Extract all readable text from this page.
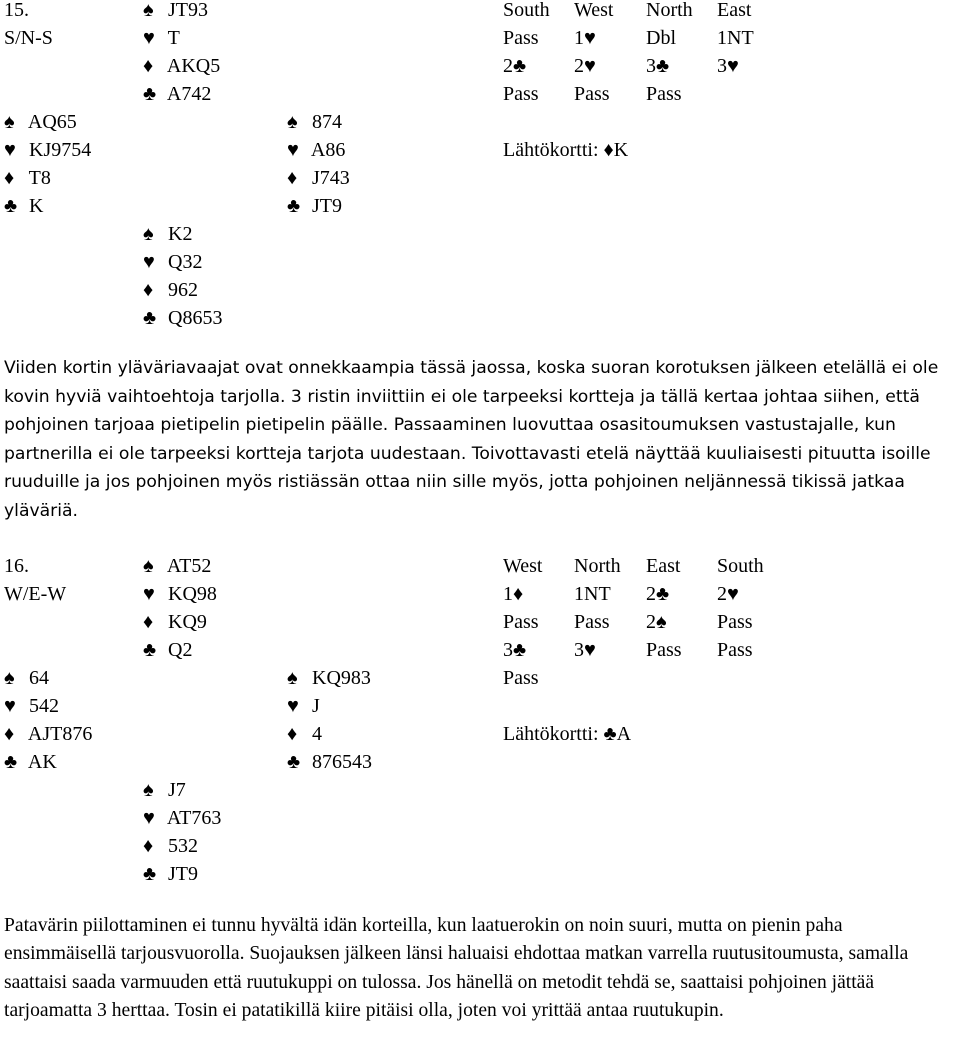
15.
S/N-S
♠ JT93
♥ T
♦ AKQ5
♣ A742
♠ AQ65
♥ KJ9754
♦ T8
♣ K
♠ 874
♥ A86
♦ J743
♣ JT9
♠ K2
♥ Q32
♦ 962
♣ Q8653
South West North East
Pass 1♥	Dbl 1NT
2♣ 2♥	3♣ 3♥
Pass Pass Pass
Lähtökortti: ♦K

Viiden kortin yläväriavaajat ovat onnekkaampia tässä jaossa, koska suoran korotuksen jälkeen etelällä ei ole kovin hyviä vaihtoehtoja tarjolla. 3 ristin inviittiin ei ole tarpeeksi kortteja ja tällä kertaa johtaa siihen, että pohjoinen tarjoaa pietipelin pietipelin päälle. Passaaminen luovuttaa osasitoumuksen vastustajalle, kun partnerilla ei ole tarpeeksi kortteja tarjota uudestaan. Toivottavasti etelä näyttää kuuliaisesti pituutta isoille ruuduille ja jos pohjoinen myös ristiässän ottaa niin sille myös, jotta pohjoinen neljännessä tikissä jatkaa yläväriä.

16.
W/E-W
♠ AT52
♥ KQ98
♦ KQ9
♣ Q2
♠ 64
♥ 542
♦ AJT876
♣ AK
♠ KQ983
♥ J
♦ 4
♣ 876543
♠ J7
♥ AT763
♦ 532
♣ JT9
West North East South
1♦	1NT 2♣ 2♥
Pass Pass 2♠	Pass
3♣ 3♥	Pass Pass
Pass
Lähtökortti: ♣A

Patavärin piilottaminen ei tunnu hyvältä idän korteilla, kun laatuerokin on noin suuri, mutta on pienin paha ensimmäisellä tarjousvuorolla. Suojauksen jälkeen länsi haluaisi ehdottaa matkan varrella ruutusitoumusta, samalla saattaisi saada varmuuden että ruutukuppi on tulossa. Jos hänellä on metodit tehdä se, saattaisi pohjoinen jättää tarjoamatta 3 herttaa. Tosin ei patatikillä kiire pitäisi olla, joten voi yrittää antaa ruutukupin.
